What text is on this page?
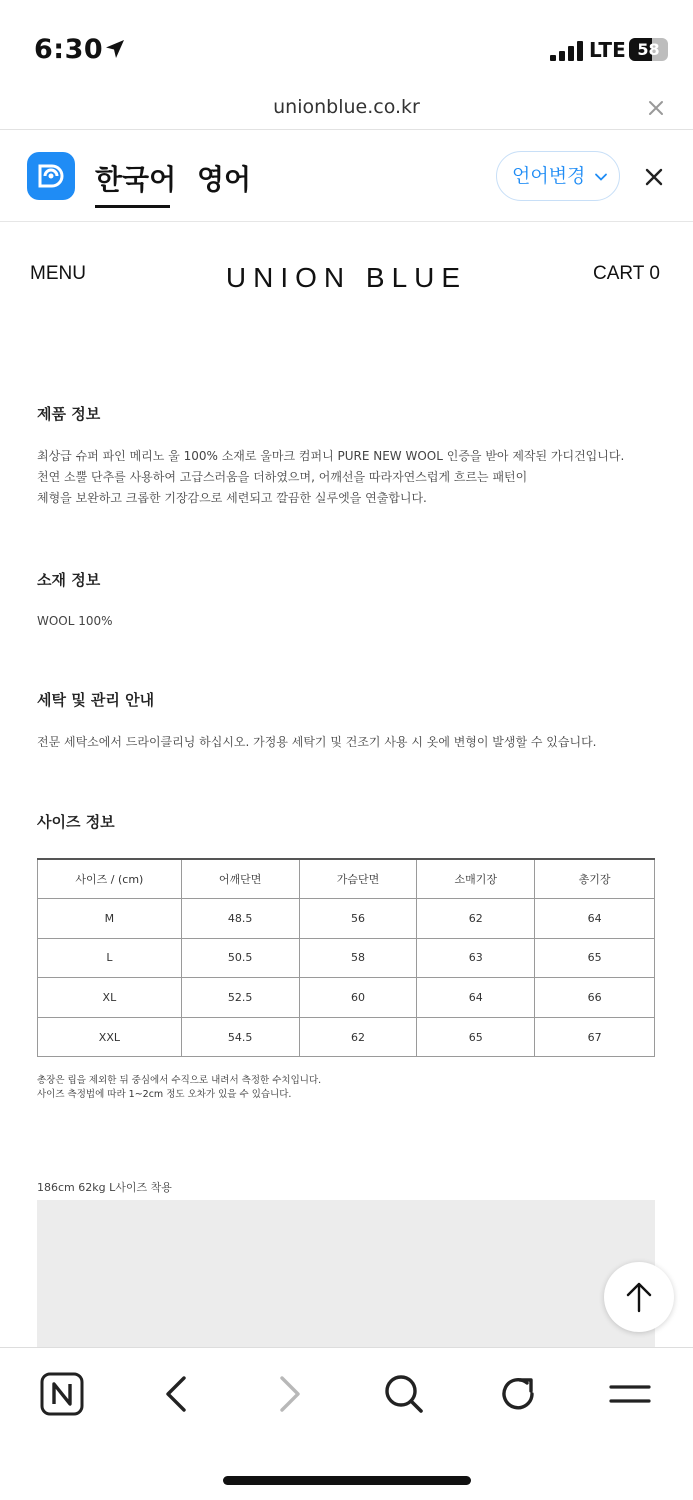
6:30	LTE 58
unionblue.co.kr
한국어 영어	언어변경
MENU	UNION BLUE	CART 0
제품 정보
최상급 슈퍼 파인 메리노 울 100% 소재로 울마크 컴퍼니 PURE NEW WOOL 인증을 받아 제작된 가디건입니다.
천연 소뿔 단추를 사용하여 고급스러움을 더하였으며, 어깨선을 따라자연스럽게 흐르는 패턴이
체형을 보완하고 크롭한 기장감으로 세련되고 깔끔한 실루엣을 연출합니다.
소재 정보
WOOL 100%
세탁 및 관리 안내
전문 세탁소에서 드라이클리닝 하십시오. 가정용 세탁기 및 건조기 사용 시 옷에 변형이 발생할 수 있습니다.
사이즈 정보
사이즈 / (cm)	어깨단면	가슴단면	소매기장	총기장
M	48.5	56	62	64
L	50.5	58	63	65
XL	52.5	60	64	66
XXL	54.5	62	65	67
총장은 립을 제외한 뒤 중심에서 수직으로 내려서 측정한 수치입니다.
사이즈 측정법에 따라 1~2cm 정도 오차가 있을 수 있습니다.
186cm 62kg L사이즈 착용
